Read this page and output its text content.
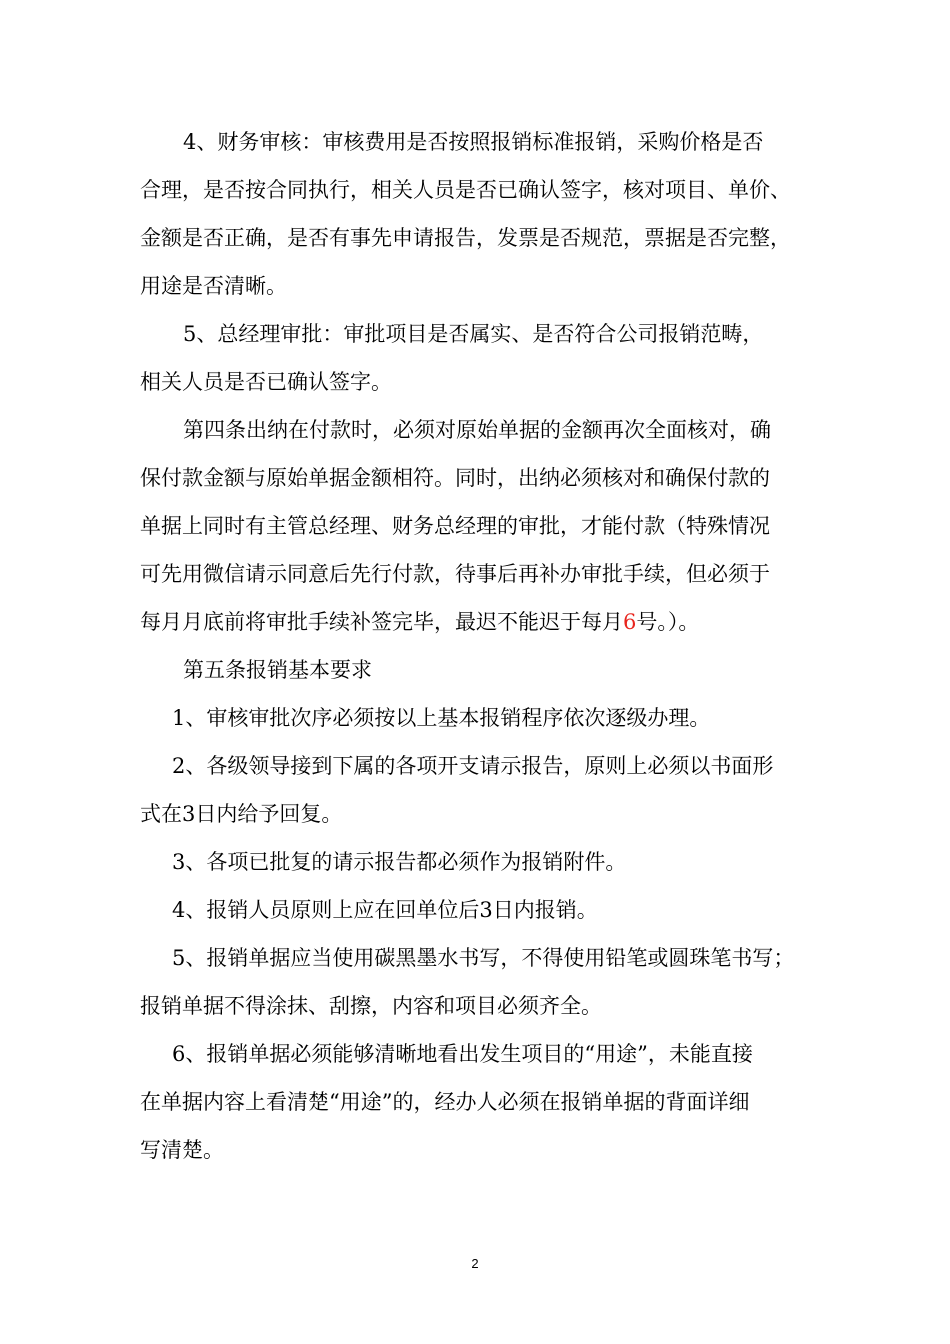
4、财务审核：审核费用是否按照报销标准报销，采购价格是否
合理，是否按合同执行，相关人员是否已确认签字，核对项目、单价、
金额是否正确，是否有事先申请报告，发票是否规范，票据是否完整，
用途是否清晰。
5、总经理审批：审批项目是否属实、是否符合公司报销范畴，
相关人员是否已确认签字。
第四条出纳在付款时，必须对原始单据的金额再次全面核对，确
保付款金额与原始单据金额相符。同时，出纳必须核对和确保付款的
单据上同时有主管总经理、财务总经理的审批，才能付款（特殊情况
可先用微信请示同意后先行付款，待事后再补办审批手续，但必须于
每月月底前将审批手续补签完毕，最迟不能迟于每月6号。）。
第五条报销基本要求
1、审核审批次序必须按以上基本报销程序依次逐级办理。
2、各级领导接到下属的各项开支请示报告，原则上必须以书面形
式在3日内给予回复。
3、各项已批复的请示报告都必须作为报销附件。
4、报销人员原则上应在回单位后3日内报销。
5、报销单据应当使用碳黑墨水书写，不得使用铅笔或圆珠笔书写；
报销单据不得涂抹、刮擦，内容和项目必须齐全。
6、报销单据必须能够清晰地看出发生项目的“用途”，未能直接
在单据内容上看清楚“用途”的，经办人必须在报销单据的背面详细
写清楚。
2
